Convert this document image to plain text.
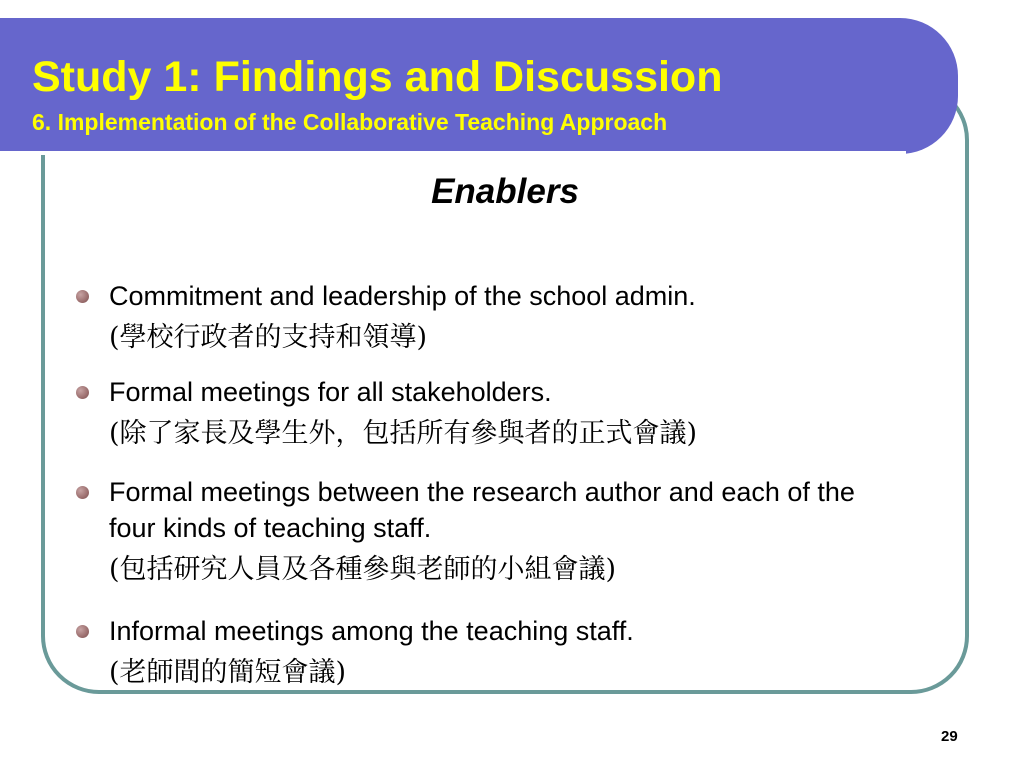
Study 1: Findings and Discussion
6. Implementation of the Collaborative Teaching Approach
Enablers
Commitment and leadership of the school admin.
(學校行政者的支持和領導)
Formal meetings for all stakeholders.
(除了家長及學生外，包括所有參與者的正式會議)
Formal meetings between the research author and each of the four kinds of teaching staff.
(包括研究人員及各種參與老師的小組會議)
Informal meetings among the teaching staff.
(老師間的簡短會議)
29
